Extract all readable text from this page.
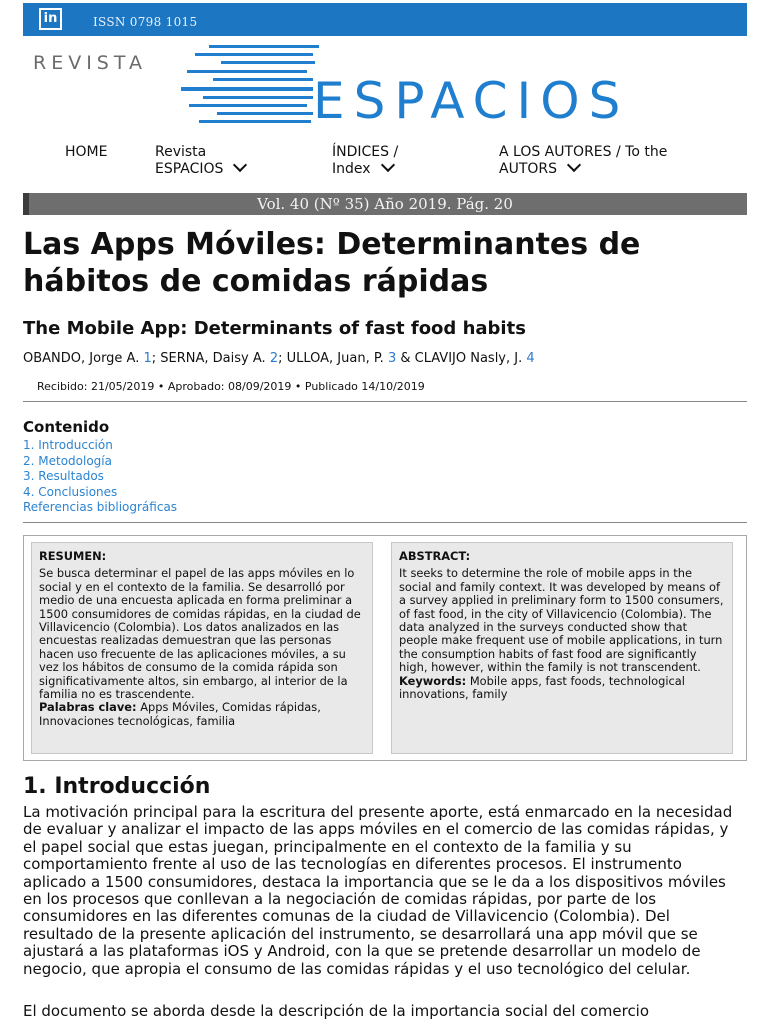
in	ISSN 0798 1015
REVISTA
ESPACIOS
HOME	Revista
ESPACIOS
ÍNDICES /
Index
A LOS AUTORES / To the
AUTORS
Vol. 40 (Nº 35) Año 2019. Pág. 20
Las Apps Móviles: Determinantes de hábitos de comidas rápidas
The Mobile App: Determinants of fast food habits
OBANDO, Jorge A. 1; SERNA, Daisy A. 2; ULLOA, Juan, P. 3 & CLAVIJO Nasly, J. 4
Recibido: 21/05/2019 • Aprobado: 08/09/2019 • Publicado 14/10/2019
Contenido
1. Introducción
2. Metodología
3. Resultados
4. Conclusiones
Referencias bibliográficas
RESUMEN:
Se busca determinar el papel de las apps móviles en lo social y en el contexto de la familia. Se desarrolló por medio de una encuesta aplicada en forma preliminar a 1500 consumidores de comidas rápidas, en la ciudad de Villavicencio (Colombia). Los datos analizados en las encuestas realizadas demuestran que las personas hacen uso frecuente de las aplicaciones móviles, a su vez los hábitos de consumo de la comida rápida son significativamente altos, sin embargo, al interior de la familia no es trascendente.
Palabras clave: Apps Móviles, Comidas rápidas, Innovaciones tecnológicas, familia
ABSTRACT:
It seeks to determine the role of mobile apps in the social and family context. It was developed by means of a survey applied in preliminary form to 1500 consumers, of fast food, in the city of Villavicencio (Colombia). The data analyzed in the surveys conducted show that people make frequent use of mobile applications, in turn the consumption habits of fast food are significantly high, however, within the family is not transcendent.
Keywords: Mobile apps, fast foods, technological innovations, family
1. Introducción

La motivación principal para la escritura del presente aporte, está enmarcado en la necesidad de evaluar y analizar el impacto de las apps móviles en el comercio de las comidas rápidas, y el papel social que estas juegan, principalmente en el contexto de la familia y su comportamiento frente al uso de las tecnologías en diferentes procesos. El instrumento aplicado a 1500 consumidores, destaca la importancia que se le da a los dispositivos móviles en los procesos que conllevan a la negociación de comidas rápidas, por parte de los consumidores en las diferentes comunas de la ciudad de Villavicencio (Colombia). Del resultado de la presente aplicación del instrumento, se desarrollará una app móvil que se ajustará a las plataformas iOS y Android, con la que se pretende desarrollar un modelo de negocio, que apropia el consumo de las comidas rápidas y el uso tecnológico del celular.

El documento se aborda desde la descripción de la importancia social del comercio
